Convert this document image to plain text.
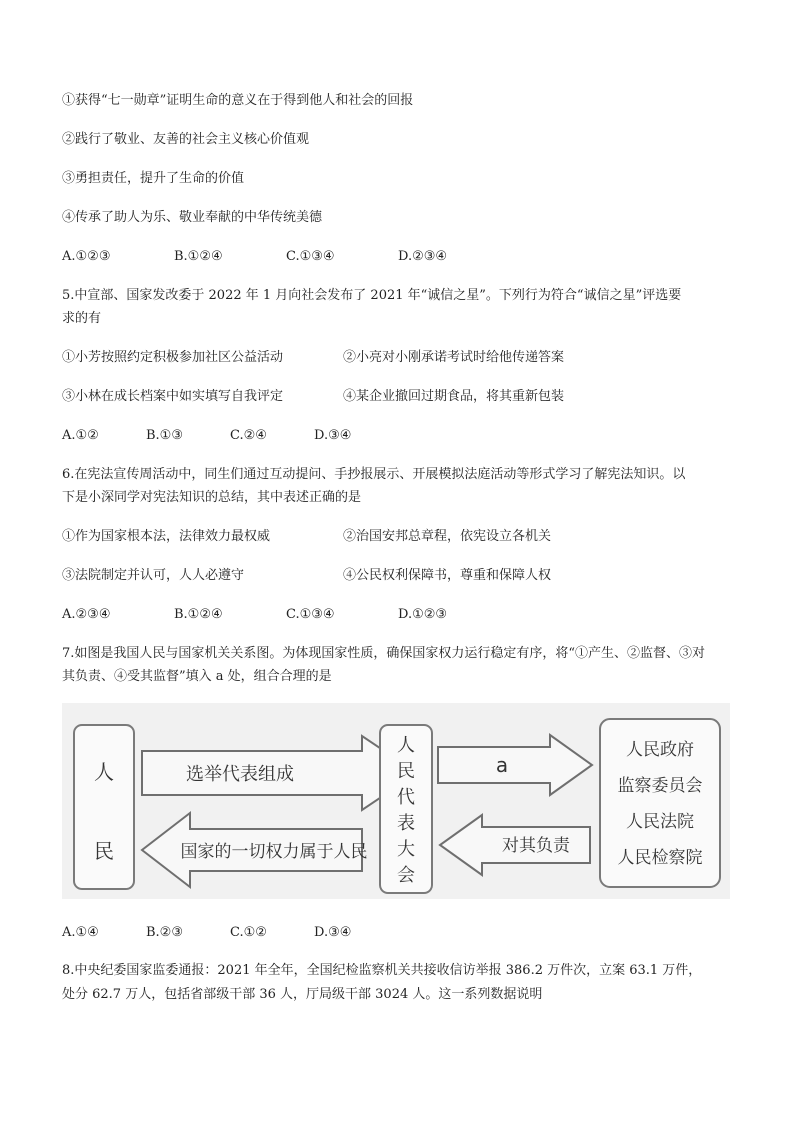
①获得“七一勋章”证明生命的意义在于得到他人和社会的回报
②践行了敬业、友善的社会主义核心价值观
③勇担责任，提升了生命的价值
④传承了助人为乐、敬业奉献的中华传统美德
A.①②③	B.①②④	C.①③④	D.②③④
5.中宣部、国家发改委于 2022 年 1 月向社会发布了 2021 年“诚信之星”。下列行为符合“诚信之星”评选要
求的有
①小芳按照约定积极参加社区公益活动	②小亮对小刚承诺考试时给他传递答案
③小林在成长档案中如实填写自我评定	④某企业撤回过期食品，将其重新包装
A.①②	B.①③	C.②④	D.③④
6.在宪法宣传周活动中，同生们通过互动提问、手抄报展示、开展模拟法庭活动等形式学习了解宪法知识。以
下是小深同学对宪法知识的总结，其中表述正确的是
①作为国家根本法，法律效力最权威	②治国安邦总章程，依宪设立各机关
③法院制定并认可，人人必遵守	④公民权利保障书，尊重和保障人权
A.②③④	B.①②④	C.①③④	D.①②③
7.如图是我国人民与国家机关关系图。为体现国家性质，确保国家权力运行稳定有序，将“①产生、②监督、③对
其负责、④受其监督”填入 a 处，组合合理的是
人
民
选举代表组成
国家的一切权力属于人民
人
民
代
表
大
会
a
对其负责
人民政府
监察委员会
人民法院
人民检察院
A.①④	B.②③	C.①②	D.③④
8.中央纪委国家监委通报：2021 年全年，全国纪检监察机关共接收信访举报 386.2 万件次，立案 63.1 万件，
处分 62.7 万人，包括省部级干部 36 人，厅局级干部 3024 人。这一系列数据说明
